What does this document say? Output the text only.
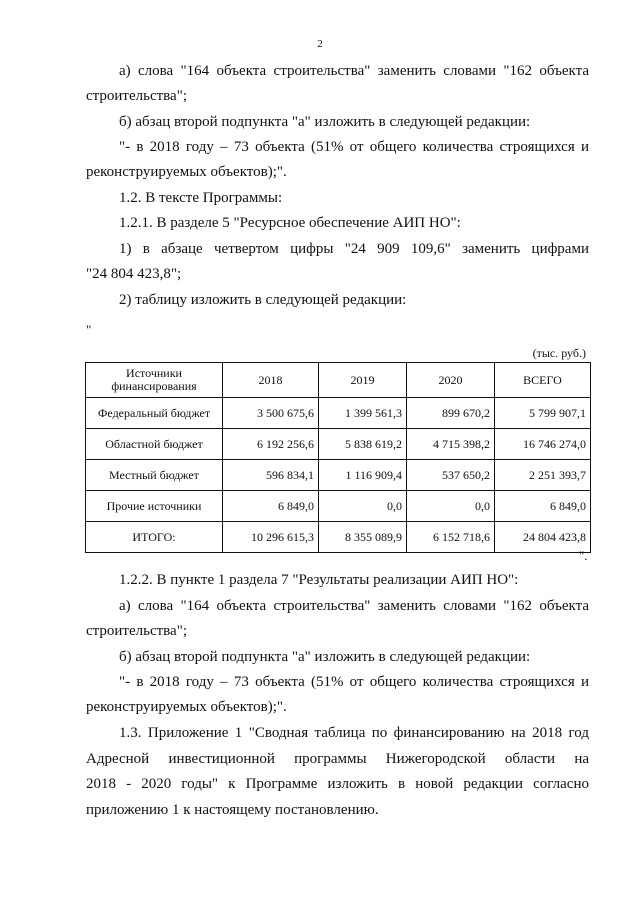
2
а) слова "164 объекта строительства" заменить словами "162 объекта
строительства";
б) абзац второй подпункта "а" изложить в следующей редакции:
"- в 2018 году – 73 объекта (51% от общего количества строящихся и
реконструируемых объектов);".
1.2. В тексте Программы:
1.2.1. В разделе 5 "Ресурсное обеспечение АИП НО":
1) в абзаце четвертом цифры "24 909 109,6" заменить цифрами
"24 804 423,8";
2) таблицу изложить в следующей редакции:
"
(тыс. руб.)
Источники финансирования	2018	2019	2020	ВСЕГО
Федеральный бюджет	3 500 675,6	1 399 561,3	899 670,2	5 799 907,1
Областной бюджет	6 192 256,6	5 838 619,2	4 715 398,2	16 746 274,0
Местный бюджет	596 834,1	1 116 909,4	537 650,2	2 251 393,7
Прочие источники	6 849,0	0,0	0,0	6 849,0
ИТОГО:	10 296 615,3	8 355 089,9	6 152 718,6	24 804 423,8
".
1.2.2. В пункте 1 раздела 7 "Результаты реализации АИП НО":
а) слова "164 объекта строительства" заменить словами "162 объекта
строительства";
б) абзац второй подпункта "а" изложить в следующей редакции:
"- в 2018 году – 73 объекта (51% от общего количества строящихся и
реконструируемых объектов);".
1.3. Приложение 1 "Сводная таблица по финансированию на 2018 год
Адресной инвестиционной программы Нижегородской области на
2018 - 2020 годы" к Программе изложить в новой редакции согласно
приложению 1 к настоящему постановлению.
